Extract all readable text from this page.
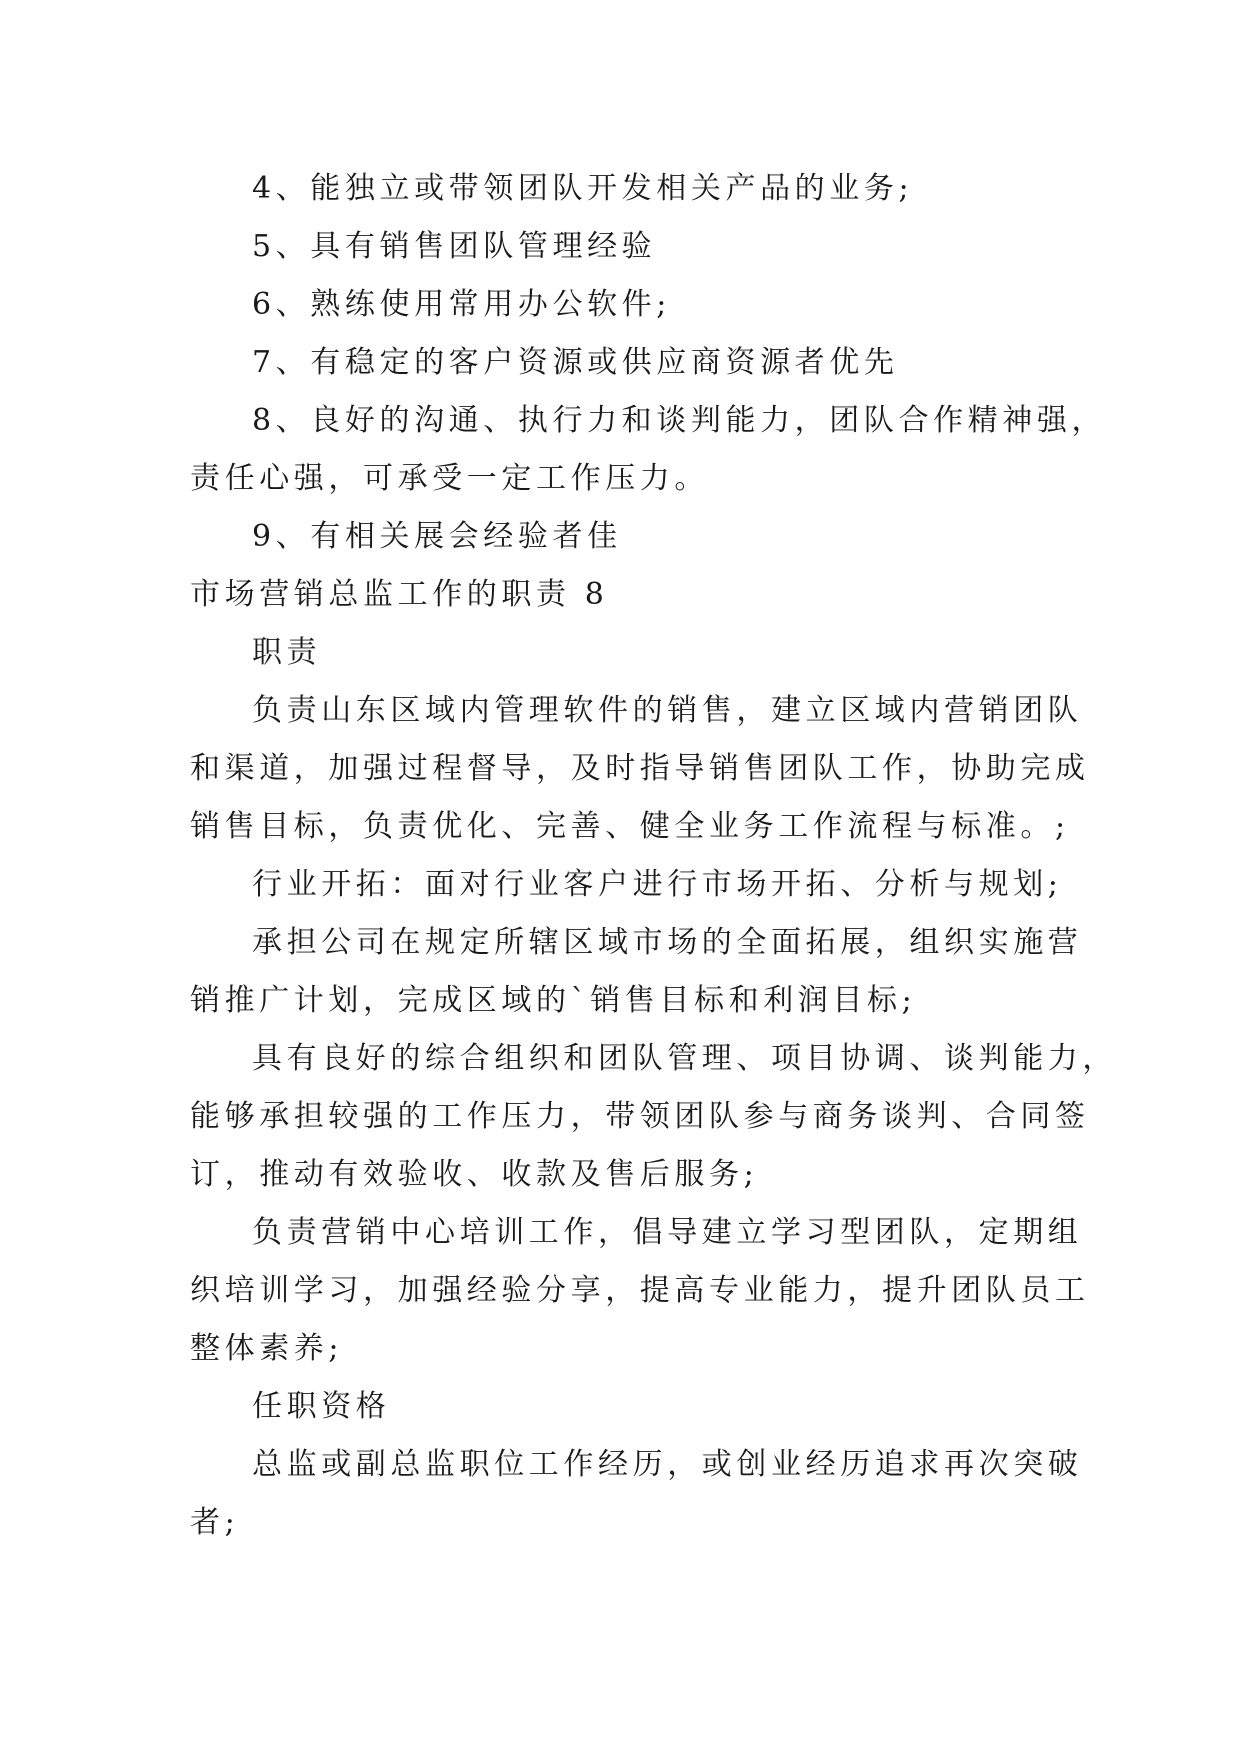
4、能独立或带领团队开发相关产品的业务;

5、具有销售团队管理经验

6、熟练使用常用办公软件;

7、有稳定的客户资源或供应商资源者优先

8、良好的沟通、执行力和谈判能力，团队合作精神强，

责任心强，可承受一定工作压力。

9、有相关展会经验者佳

市场营销总监工作的职责 8

职责

负责山东区域内管理软件的销售，建立区域内营销团队

和渠道，加强过程督导，及时指导销售团队工作，协助完成

销售目标，负责优化、完善、健全业务工作流程与标准。;

行业开拓：面对行业客户进行市场开拓、分析与规划;

承担公司在规定所辖区域市场的全面拓展，组织实施营

销推广计划，完成区域的`销售目标和利润目标;

具有良好的综合组织和团队管理、项目协调、谈判能力，

能够承担较强的工作压力，带领团队参与商务谈判、合同签

订，推动有效验收、收款及售后服务;

负责营销中心培训工作，倡导建立学习型团队，定期组

织培训学习，加强经验分享，提高专业能力，提升团队员工

整体素养;

任职资格

总监或副总监职位工作经历，或创业经历追求再次突破

者;
